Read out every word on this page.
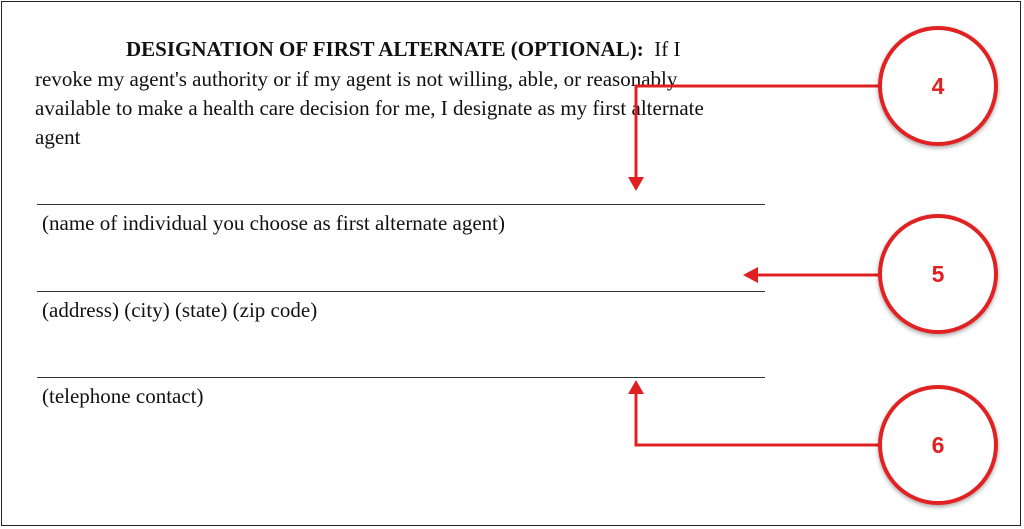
DESIGNATION OF FIRST ALTERNATE (OPTIONAL): If I
revoke my agent's authority or if my agent is not willing, able, or reasonably
available to make a health care decision for me, I designate as my first alternate
agent
(name of individual you choose as first alternate agent)
(address) (city) (state) (zip code)
(telephone contact)
4
5
6
